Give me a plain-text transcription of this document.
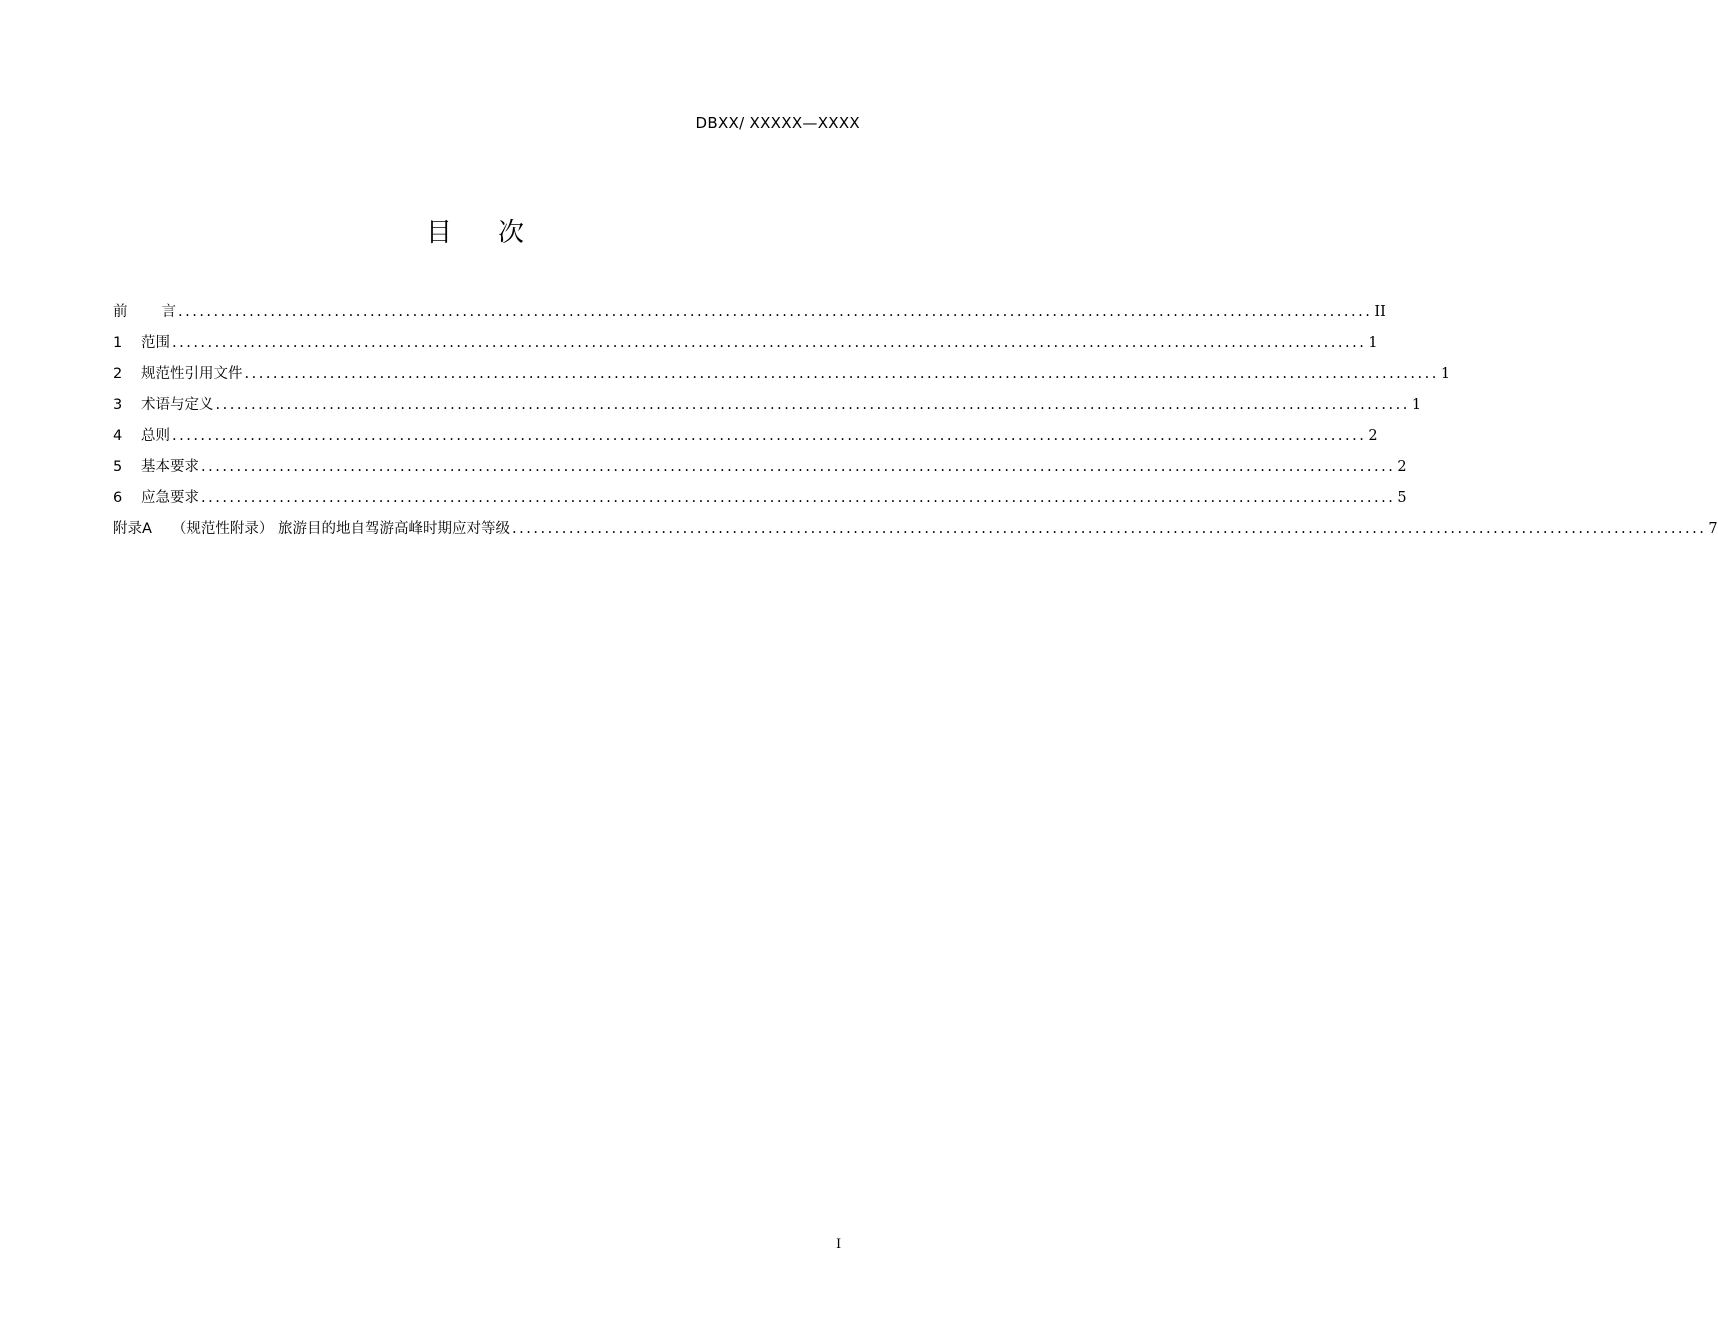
DBXX/ XXXXX—XXXX
目 次
前 言 ........................................................................................................................................................................ II
1	范围 ........................................................................................................................................................................ 1
2	规范性引用文件 ........................................................................................................................................................................ 1
3	术语与定义 ........................................................................................................................................................................ 1
4	总则 ........................................................................................................................................................................ 2
5	基本要求 ........................................................................................................................................................................ 2
6	应急要求 ........................................................................................................................................................................ 5
附录A （规范性附录） 旅游目的地自驾游高峰时期应对等级 ........................................................................................................................................................................ 7
I
